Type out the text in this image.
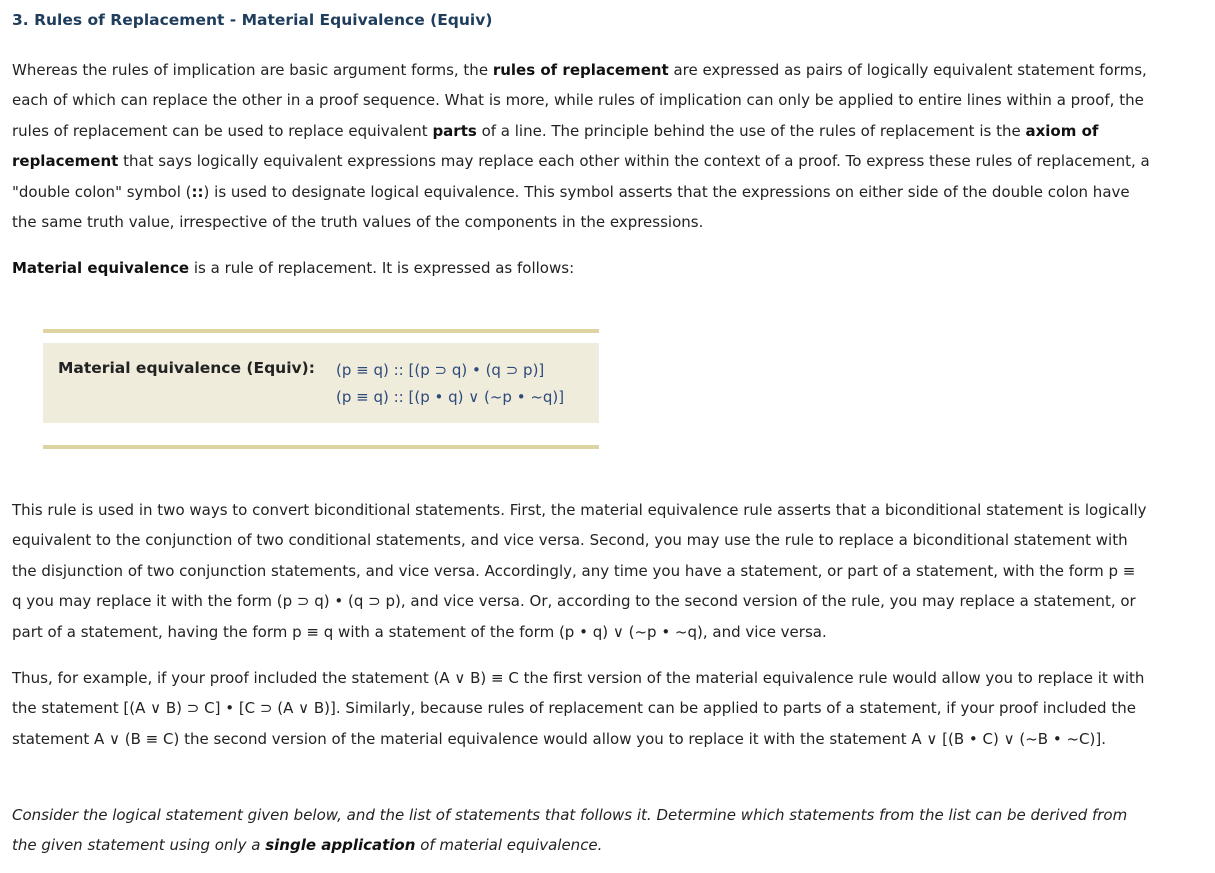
3. Rules of Replacement - Material Equivalence (Equiv)

Whereas the rules of implication are basic argument forms, the rules of replacement are expressed as pairs of logically equivalent statement forms,
each of which can replace the other in a proof sequence. What is more, while rules of implication can only be applied to entire lines within a proof, the
rules of replacement can be used to replace equivalent parts of a line. The principle behind the use of the rules of replacement is the axiom of
replacement that says logically equivalent expressions may replace each other within the context of a proof. To express these rules of replacement, a
"double colon" symbol (::) is used to designate logical equivalence. This symbol asserts that the expressions on either side of the double colon have
the same truth value, irrespective of the truth values of the components in the expressions.

Material equivalence is a rule of replacement. It is expressed as follows:

Material equivalence (Equiv): (p ≡ q) :: [(p ⊃ q) • (q ⊃ p)]
(p ≡ q) :: [(p • q) ∨ (~p • ~q)]

This rule is used in two ways to convert biconditional statements. First, the material equivalence rule asserts that a biconditional statement is logically
equivalent to the conjunction of two conditional statements, and vice versa. Second, you may use the rule to replace a biconditional statement with
the disjunction of two conjunction statements, and vice versa. Accordingly, any time you have a statement, or part of a statement, with the form p ≡
q you may replace it with the form (p ⊃ q) • (q ⊃ p), and vice versa. Or, according to the second version of the rule, you may replace a statement, or
part of a statement, having the form p ≡ q with a statement of the form (p • q) ∨ (~p • ~q), and vice versa.

Thus, for example, if your proof included the statement (A ∨ B) ≡ C the first version of the material equivalence rule would allow you to replace it with
the statement [(A ∨ B) ⊃ C] • [C ⊃ (A ∨ B)]. Similarly, because rules of replacement can be applied to parts of a statement, if your proof included the
statement A ∨ (B ≡ C) the second version of the material equivalence would allow you to replace it with the statement A ∨ [(B • C) ∨ (~B • ~C)].

Consider the logical statement given below, and the list of statements that follows it. Determine which statements from the list can be derived from
the given statement using only a single application of material equivalence.
